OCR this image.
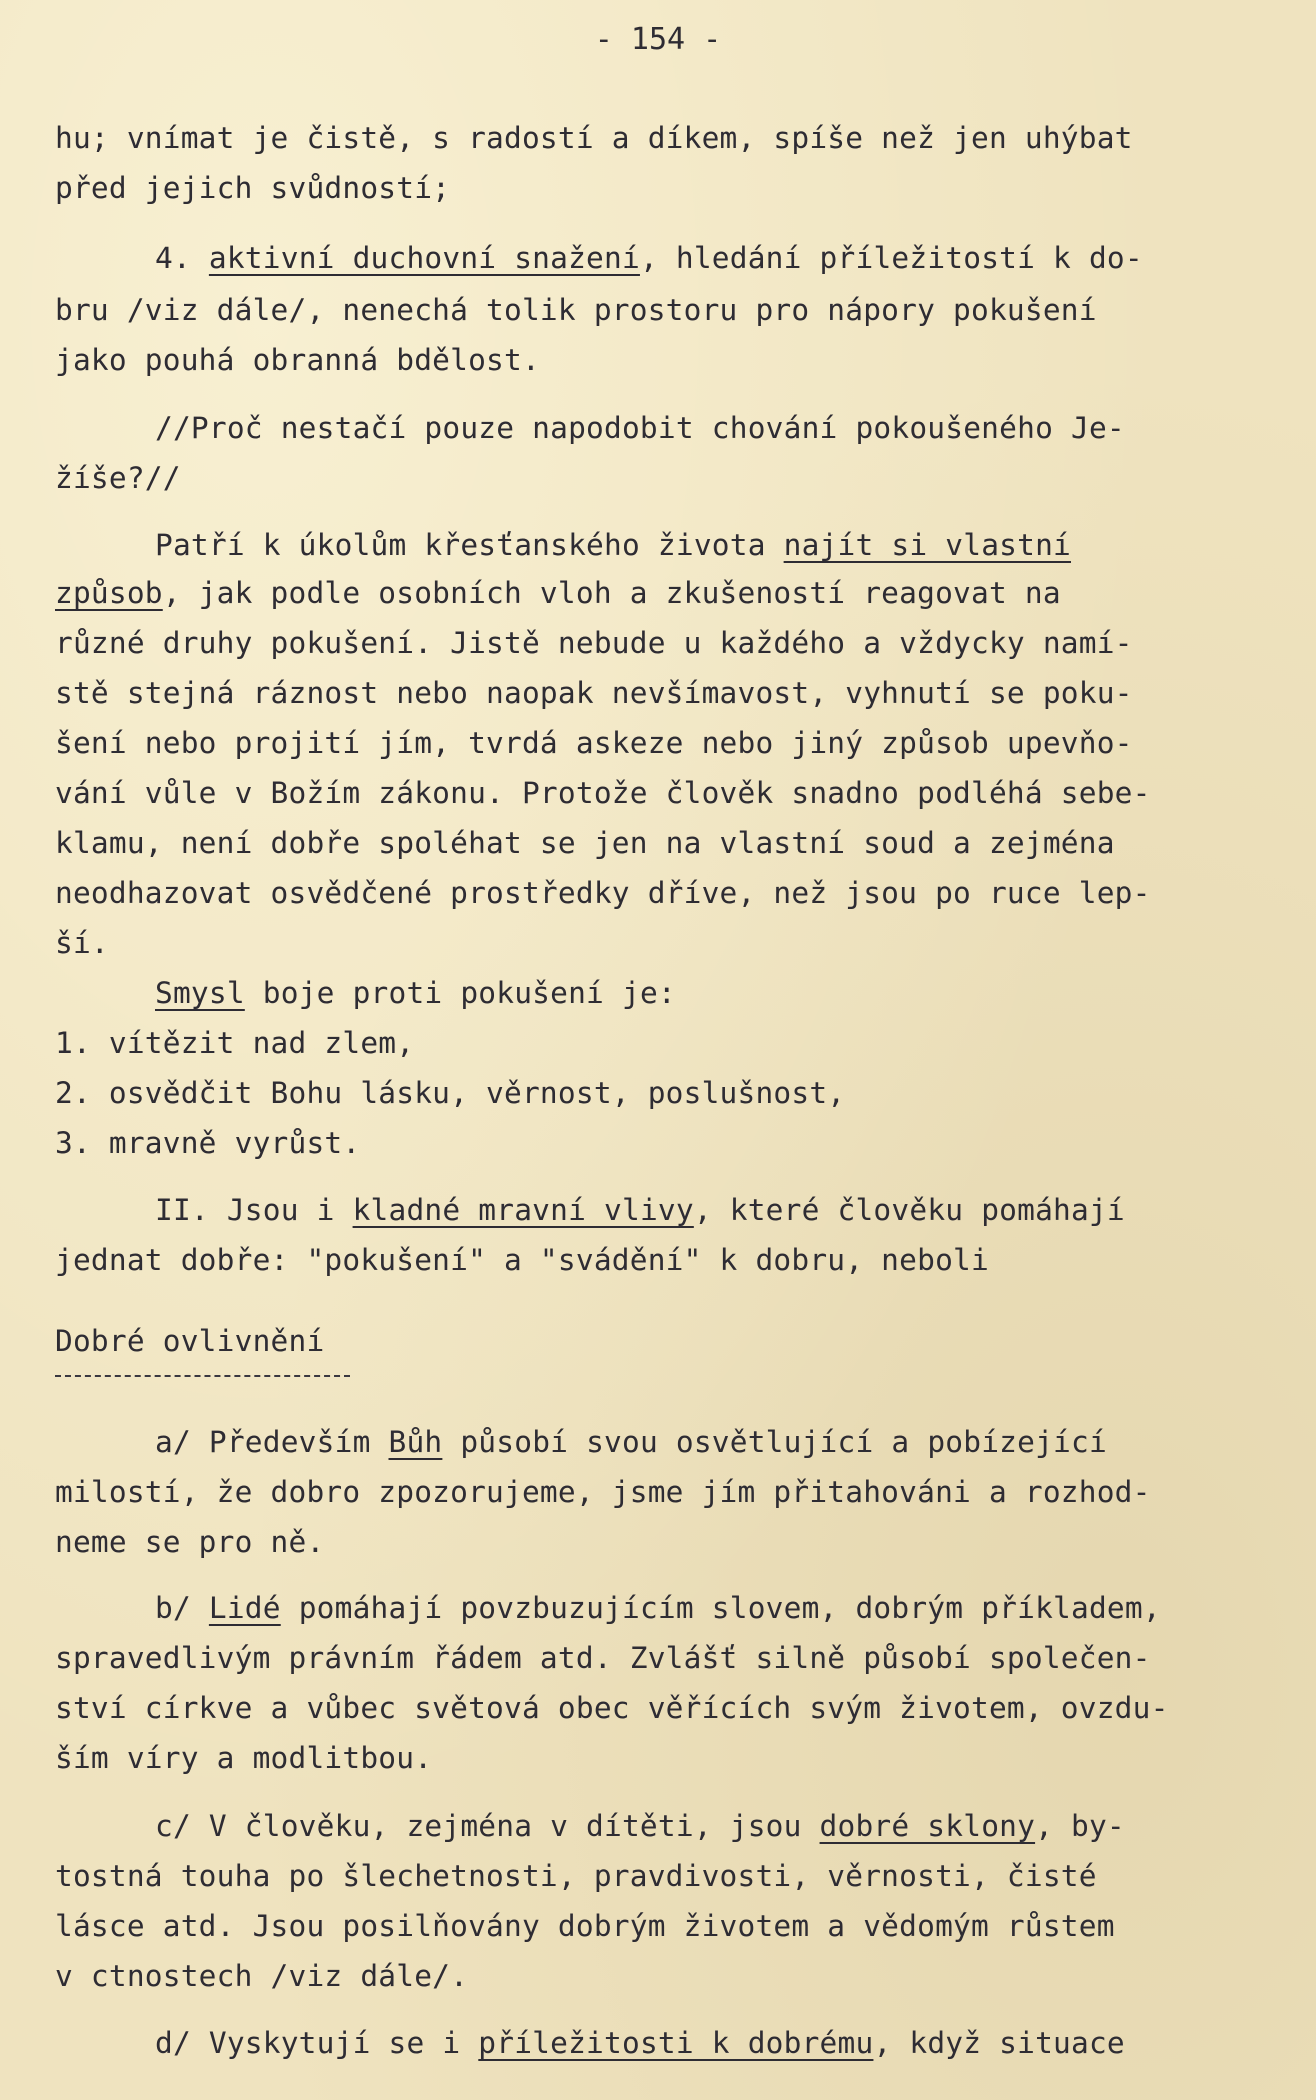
- 154 -
hu; vnímat je čistě, s radostí a díkem, spíše než jen uhýbat
před jejich svůdností;
4. aktivní duchovní snažení, hledání příležitostí k do-
bru /viz dále/, nenechá tolik prostoru pro nápory pokušení
jako pouhá obranná bdělost.
//Proč nestačí pouze napodobit chování pokoušeného Je-
žíše?//
Patří k úkolům křesťanského života najít si vlastní
způsob, jak podle osobních vloh a zkušeností reagovat na
různé druhy pokušení. Jistě nebude u každého a vždycky namí-
stě stejná ráznost nebo naopak nevšímavost, vyhnutí se poku-
šení nebo projití jím, tvrdá askeze nebo jiný způsob upevňo-
vání vůle v Božím zákonu. Protože člověk snadno podléhá sebe-
klamu, není dobře spoléhat se jen na vlastní soud a zejména
neodhazovat osvědčené prostředky dříve, než jsou po ruce lep-
ší.
Smysl boje proti pokušení je:
1. vítězit nad zlem,
2. osvědčit Bohu lásku, věrnost, poslušnost,
3. mravně vyrůst.
II. Jsou i kladné mravní vlivy, které člověku pomáhají
jednat dobře: "pokušení" a "svádění" k dobru, neboli
Dobré ovlivnění
a/ Především Bůh působí svou osvětlující a pobízející
milostí, že dobro zpozorujeme, jsme jím přitahováni a rozhod-
neme se pro ně.
b/ Lidé pomáhají povzbuzujícím slovem, dobrým příkladem,
spravedlivým právním řádem atd. Zvlášť silně působí společen-
ství církve a vůbec světová obec věřících svým životem, ovzdu-
ším víry a modlitbou.
c/ V člověku, zejména v dítěti, jsou dobré sklony, by-
tostná touha po šlechetnosti, pravdivosti, věrnosti, čisté
lásce atd. Jsou posilňovány dobrým životem a vědomým růstem
v ctnostech /viz dále/.
d/ Vyskytují se i příležitosti k dobrému, když situace
